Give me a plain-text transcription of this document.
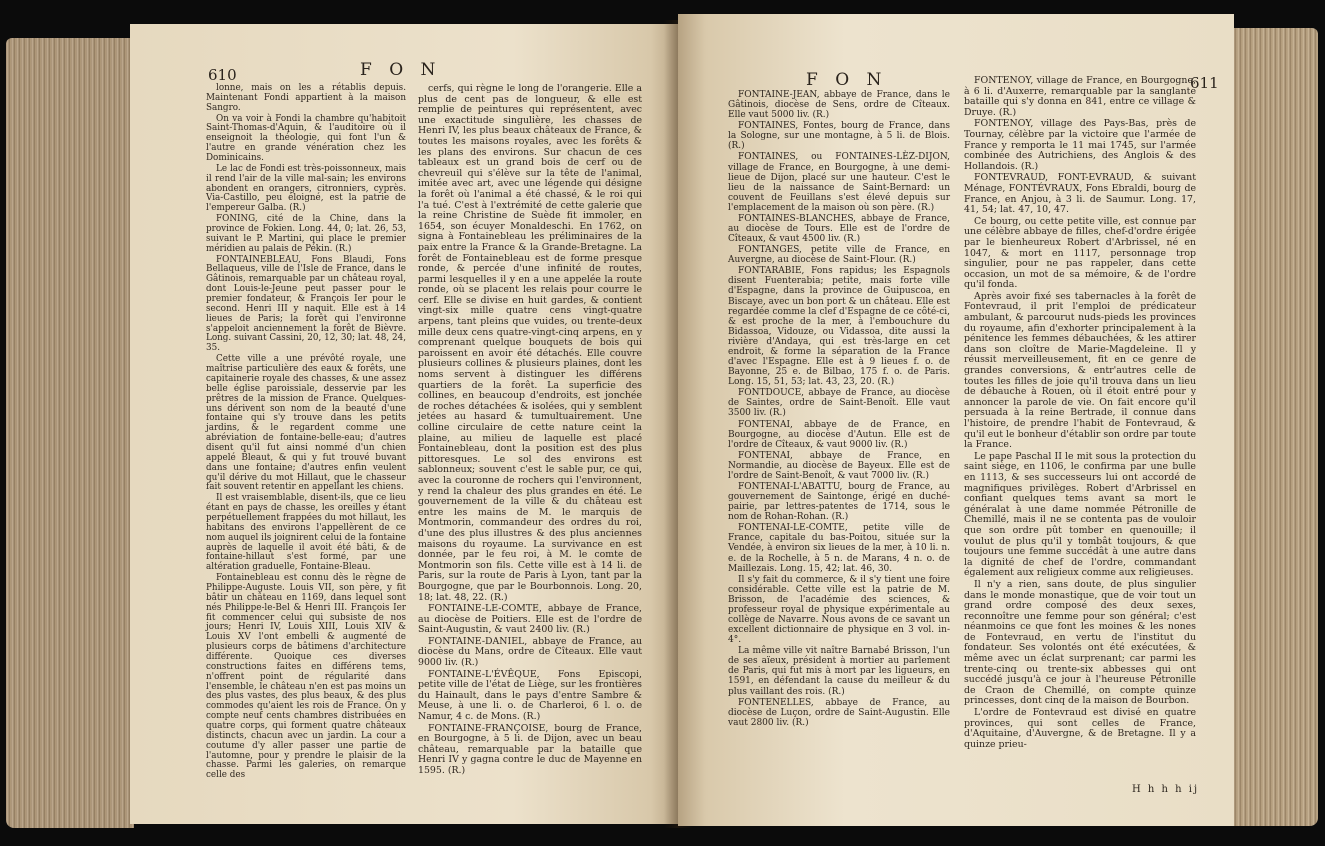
610	F O N

lonne, mais on les a rétablis depuis. Maintenant Fondi appartient à la maison Sangro.

On va voir à Fondi la chambre qu'habitoit Saint-Thomas-d'Aquin, & l'auditoire où il enseignoit la théologie, qui font l'un & l'autre en grande vénération chez les Dominicains.

Le lac de Fondi est très-poissonneux, mais il rend l'air de la ville mal-sain; les environs abondent en orangers, citronniers, cyprès. Via-Castillo, peu éloigné, est la patrie de l'empereur Galba. (R.)

FONING, cité de la Chine, dans la province de Fokien. Long. 44, 0; lat. 26, 53, suivant le P. Martini, qui place le premier méridien au palais de Pékin. (R.)

FONTAINEBLEAU, Fons Blaudi, Fons Bellaqueus, ville de l'Isle de France, dans le Gâtinois, remarquable par un château royal, dont Louis-le-Jeune peut passer pour le premier fondateur, & François Ier pour le second. Henri III y naquit. Elle est à 14 lieues de Paris; la forêt qui l'environne s'appeloit anciennement la forêt de Bièvre. Long. suivant Cassini, 20, 12, 30; lat. 48, 24, 35.

Cette ville a une prévôté royale, une maîtrise particulière des eaux & forêts, une capitainerie royale des chasses, & une assez belle église paroissiale, desservie par les prêtres de la mission de France. Quelques-uns dérivent son nom de la beauté d'une fontaine qui s'y trouve dans les petits jardins, & le regardent comme une abréviation de fontaine-belle-eau; d'autres disent qu'il fut ainsi nommé d'un chien appelé Bleaut, & qui y fut trouvé buvant dans une fontaine; d'autres enfin veulent qu'il dérive du mot Hillaut, que le chasseur fait souvent retentir en appellant les chiens.

Il est vraisemblable, disent-ils, que ce lieu étant en pays de chasse, les oreilles y étant perpétuellement frappées du mot hillaut, les habitans des environs l'appellèrent de ce nom auquel ils joignirent celui de la fontaine auprès de laquelle il avoit été bâti, & de fontaine-hillaut s'est formé, par une altération graduelle, Fontaine-Bleau.

Fontainebleau est connu dès le règne de Philippe-Auguste. Louis VII, son père, y fit bâtir un château en 1169, dans lequel sont nés Philippe-le-Bel & Henri III. François Ier fit commencer celui qui subsiste de nos jours; Henri IV, Louis XIII, Louis XIV & Louis XV l'ont embelli & augmenté de plusieurs corps de bâtimens d'architecture différente. Quoique ces diverses constructions faites en différens tems, n'offrent point de régularité dans l'ensemble, le château n'en est pas moins un des plus vastes, des plus beaux, & des plus commodes qu'aient les rois de France. On y compte neuf cents chambres distribuées en quatre corps, qui forment quatre châteaux distincts, chacun avec un jardin. La cour a coutume d'y aller passer une partie de l'automne, pour y prendre le plaisir de la chasse. Parmi les galeries, on remarque celle des

cerfs, qui règne le long de l'orangerie. Elle a plus de cent pas de longueur, & elle est remplie de peintures qui représentent, avec une exactitude singulière, les chasses de Henri IV, les plus beaux châteaux de France, & toutes les maisons royales, avec les forêts & les plans des environs. Sur chacun de ces tableaux est un grand bois de cerf ou de chevreuil qui s'élève sur la tête de l'animal, imitée avec art, avec une légende qui désigne la forêt où l'animal a été chassé, & le roi qui l'a tué. C'est à l'extrémité de cette galerie que la reine Christine de Suède fit immoler, en 1654, son écuyer Monaldeschi. En 1762, on signa à Fontainebleau les préliminaires de la paix entre la France & la Grande-Bretagne. La forêt de Fontainebleau est de forme presque ronde, & percée d'une infinité de routes, parmi lesquelles il y en a une appelée la route ronde, où se placent les relais pour courre le cerf. Elle se divise en huit gardes, & contient vingt-six mille quatre cens vingt-quatre arpens, tant pleins que vuides, ou trente-deux mille deux cens quatre-vingt-cinq arpens, en y comprenant quelque bouquets de bois qui paroissent en avoir été détachés. Elle couvre plusieurs collines & plusieurs plaines, dont les noms servent à distinguer les différens quartiers de la forêt. La superficie des collines, en beaucoup d'endroits, est jonchée de roches détachées & isolées, qui y semblent jetées au hasard & tumultuairement. Une colline circulaire de cette nature ceint la plaine, au milieu de laquelle est placé Fontainebleau, dont la position est des plus pittoresques. Le sol des environs est sablonneux; souvent c'est le sable pur, ce qui, avec la couronne de rochers qui l'environnent, y rend la chaleur des plus grandes en été. Le gouvernement de la ville & du château est entre les mains de M. le marquis de Montmorin, commandeur des ordres du roi, d'une des plus illustres & des plus anciennes maisons du royaume. La survivance en est donnée, par le feu roi, à M. le comte de Montmorin son fils. Cette ville est à 14 li. de Paris, sur la route de Paris à Lyon, tant par la Bourgogne, que par le Bourbonnois. Long. 20, 18; lat. 48, 22. (R.)

FONTAINE-LE-COMTE, abbaye de France, au diocèse de Poitiers. Elle est de l'ordre de Saint-Augustin, & vaut 2400 liv. (R.)

FONTAINE-DANIEL, abbaye de France, au diocèse du Mans, ordre de Cîteaux. Elle vaut 9000 liv. (R.)

FONTAINE-L'ÉVÊQUE, Fons Episcopi, petite ville de l'état de Liège, sur les frontières du Hainault, dans le pays d'entre Sambre & Meuse, à une li. o. de Charleroi, 6 l. o. de Namur, 4 c. de Mons. (R.)

FONTAINE-FRANÇOISE, bourg de France, en Bourgogne, à 5 li. de Dijon, avec un beau château, remarquable par la bataille que Henri IV y gagna contre le duc de Mayenne en 1595. (R.)

F O N	611

FONTAINE-JEAN, abbaye de France, dans le Gâtinois, diocèse de Sens, ordre de Cîteaux. Elle vaut 5000 liv. (R.)

FONTAINES, Fontes, bourg de France, dans la Sologne, sur une montagne, à 5 li. de Blois. (R.)

FONTAINES, ou FONTAINES-LÈZ-DIJON, village de France, en Bourgogne, à une demi-lieue de Dijon, placé sur une hauteur. C'est le lieu de la naissance de Saint-Bernard: un couvent de Feuillans s'est élevé depuis sur l'emplacement de la maison où son père. (R.)

FONTAINES-BLANCHES, abbaye de France, au diocèse de Tours. Elle est de l'ordre de Cîteaux, & vaut 4500 liv. (R.)

FONTANGES, petite ville de France, en Auvergne, au diocèse de Saint-Flour. (R.)

FONTARABIE, Fons rapidus; les Espagnols disent Fuenterabia; petite, mais forte ville d'Espagne, dans la province de Guipuscoa, en Biscaye, avec un bon port & un château. Elle est regardée comme la clef d'Espagne de ce côté-ci, & est proche de la mer, à l'embouchure du Bidassoa, Vidouze, ou Vidassoa, dite aussi la rivière d'Andaya, qui est très-large en cet endroit, & forme la séparation de la France d'avec l'Espagne. Elle est à 9 lieues f. o. de Bayonne, 25 e. de Bilbao, 175 f. o. de Paris. Long. 15, 51, 53; lat. 43, 23, 20. (R.)

FONTDOUCE, abbaye de France, au diocèse de Saintes, ordre de Saint-Benoît. Elle vaut 3500 liv. (R.)

FONTENAI, abbaye de de France, en Bourgogne, au diocèse d'Autun. Elle est de l'ordre de Cîteaux, & vaut 9000 liv. (R.)

FONTENAI, abbaye de France, en Normandie, au diocèse de Bayeux. Elle est de l'ordre de Saint-Benoît, & vaut 7000 liv. (R.)

FONTENAI-L'ABATTU, bourg de France, au gouvernement de Saintonge, érigé en duché-pairie, par lettres-patentes de 1714, sous le nom de Rohan-Rohan. (R.)

FONTENAI-LE-COMTE, petite ville de France, capitale du bas-Poitou, située sur la Vendée, à environ six lieues de la mer, à 10 li. n. e. de la Rochelle, à 5 n. de Marans, 4 n. o. de Maillezais. Long. 15, 42; lat. 46, 30.

Il s'y fait du commerce, & il s'y tient une foire considérable. Cette ville est la patrie de M. Brisson, de l'académie des sciences, & professeur royal de physique expérimentale au collège de Navarre. Nous avons de ce savant un excellent dictionnaire de physique en 3 vol. in-4°.

La même ville vit naître Barnabé Brisson, l'un de ses aïeux, président à mortier au parlement de Paris, qui fut mis à mort par les ligueurs, en 1591, en défendant la cause du meilleur & du plus vaillant des rois. (R.)

FONTENELLES, abbaye de France, au diocèse de Luçon, ordre de Saint-Augustin. Elle vaut 2800 liv. (R.)

FONTENOY, village de France, en Bourgogne, à 6 li. d'Auxerre, remarquable par la sanglante bataille qui s'y donna en 841, entre ce village & Druye. (R.)

FONTENOY, village des Pays-Bas, près de Tournay, célèbre par la victoire que l'armée de France y remporta le 11 mai 1745, sur l'armée combinée des Autrichiens, des Anglois & des Hollandois. (R.)

FONTEVRAUD, FONT-EVRAUD, & suivant Ménage, FONTÉVRAUX, Fons Ebraldi, bourg de France, en Anjou, à 3 li. de Saumur. Long. 17, 41, 54; lat. 47, 10, 47.

Ce bourg, ou cette petite ville, est connue par une célèbre abbaye de filles, chef-d'ordre érigée par le bienheureux Robert d'Arbrissel, né en 1047, & mort en 1117, personnage trop singulier, pour ne pas rappeler, dans cette occasion, un mot de sa mémoire, & de l'ordre qu'il fonda.

Après avoir fixé ses tabernacles à la forêt de Fontevraud, il prit l'emploi de prédicateur ambulant, & parcourut nuds-pieds les provinces du royaume, afin d'exhorter principalement à la pénitence les femmes débauchées, & les attirer dans son cloître de Marie-Magdeleine. Il y réussit merveilleusement, fit en ce genre de grandes conversions, & entr'autres celle de toutes les filles de joie qu'il trouva dans un lieu de débauche à Rouen, où il étoit entré pour y annoncer la parole de vie. On fait encore qu'il persuada à la reine Bertrade, il connue dans l'histoire, de prendre l'habit de Fontevraud, & qu'il eut le bonheur d'établir son ordre par toute la France.

Le pape Paschal II le mit sous la protection du saint siège, en 1106, le confirma par une bulle en 1113, & ses successeurs lui ont accordé de magnifiques privilèges. Robert d'Arbrissel en confiant quelques tems avant sa mort le généralat à une dame nommée Pétronille de Chemillé, mais il ne se contenta pas de vouloir que son ordre pût tomber en quenouille; il voulut de plus qu'il y tombât toujours, & que toujours une femme succédât à une autre dans la dignité de chef de l'ordre, commandant également aux religieux comme aux religieuses.

Il n'y a rien, sans doute, de plus singulier dans le monde monastique, que de voir tout un grand ordre composé des deux sexes, reconnoître une femme pour son général; c'est néanmoins ce que font les moines & les nones de Fontevraud, en vertu de l'institut du fondateur. Ses volontés ont été exécutées, & même avec un éclat surprenant; car parmi les trente-cinq ou trente-six abbesses qui ont succédé jusqu'à ce jour à l'heureuse Pétronille de Craon de Chemillé, on compte quinze princesses, dont cinq de la maison de Bourbon.

L'ordre de Fontevraud est divisé en quatre provinces, qui sont celles de France, d'Aquitaine, d'Auvergne, & de Bretagne. Il y a quinze prieu-

H h h h ij
